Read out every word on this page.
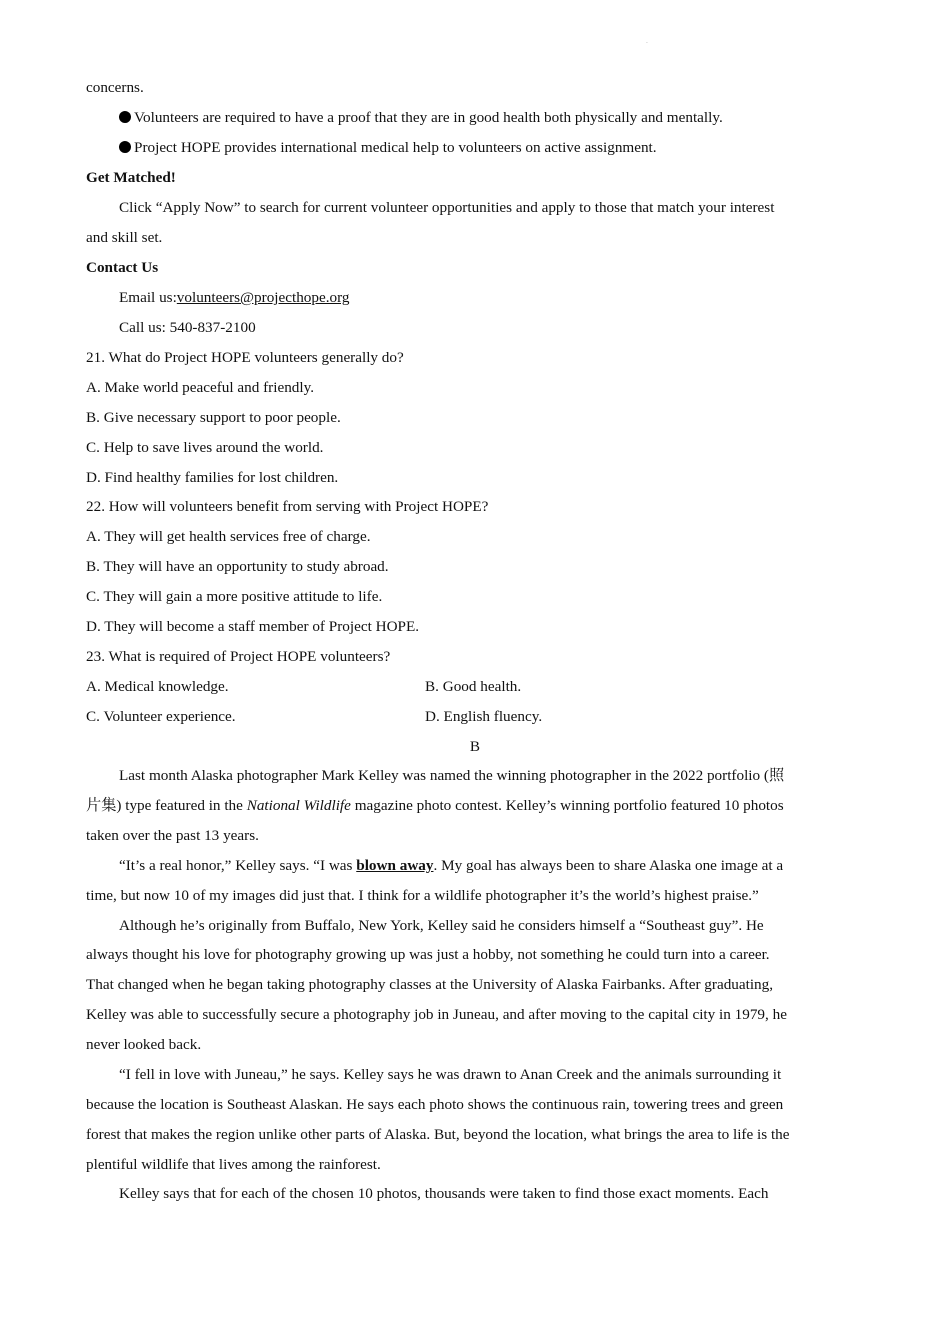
·
concerns.
Volunteers are required to have a proof that they are in good health both physically and mentally.
Project HOPE provides international medical help to volunteers on active assignment.
Get Matched!
Click “Apply Now” to search for current volunteer opportunities and apply to those that match your interest
and skill set.
Contact Us
Email us:volunteers@projecthope.org
Call us: 540-837-2100
21. What do Project HOPE volunteers generally do?
A. Make world peaceful and friendly.
B. Give necessary support to poor people.
C. Help to save lives around the world.
D. Find healthy families for lost children.
22. How will volunteers benefit from serving with Project HOPE?
A. They will get health services free of charge.
B. They will have an opportunity to study abroad.
C. They will gain a more positive attitude to life.
D. They will become a staff member of Project HOPE.
23. What is required of Project HOPE volunteers?
A. Medical knowledge.	B. Good health.
C. Volunteer experience.	D. English fluency.
B
Last month Alaska photographer Mark Kelley was named the winning photographer in the 2022 portfolio (照
片集) type featured in the National Wildlife magazine photo contest. Kelley’s winning portfolio featured 10 photos
taken over the past 13 years.
“It’s a real honor,” Kelley says. “I was blown away. My goal has always been to share Alaska one image at a
time, but now 10 of my images did just that. I think for a wildlife photographer it’s the world’s highest praise.”
Although he’s originally from Buffalo, New York, Kelley said he considers himself a “Southeast guy”. He
always thought his love for photography growing up was just a hobby, not something he could turn into a career.
That changed when he began taking photography classes at the University of Alaska Fairbanks. After graduating,
Kelley was able to successfully secure a photography job in Juneau, and after moving to the capital city in 1979, he
never looked back.
“I fell in love with Juneau,” he says. Kelley says he was drawn to Anan Creek and the animals surrounding it
because the location is Southeast Alaskan. He says each photo shows the continuous rain, towering trees and green
forest that makes the region unlike other parts of Alaska. But, beyond the location, what brings the area to life is the
plentiful wildlife that lives among the rainforest.
Kelley says that for each of the chosen 10 photos, thousands were taken to find those exact moments. Each
